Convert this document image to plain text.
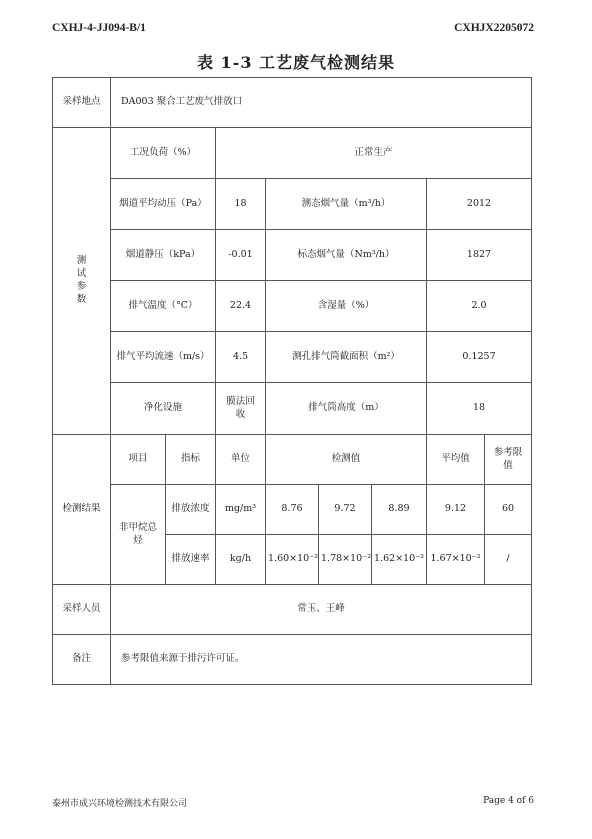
CXHJ-4-JJ094-B/1	CXHJX2205072
表 1-3 工艺废气检测结果
采样地点	DA003 聚合工艺废气排放口							
测
试
参
数	工况负荷（%）		正常生产					
	烟道平均动压（Pa）		18	测态烟气量（m³/h）			2012	
	烟道静压（kPa）		-0.01	标态烟气量（Nm³/h）			1827	
	排气温度（°C）		22.4	含湿量（%）			2.0	
	排气平均流速（m/s）		4.5	测孔排气筒截面积（m²）			0.1257	
	净化设施		膜法回收	排气筒高度（m）			18	
检测结果	项目	指标	单位	检测值			平均值	参考限值
	非甲烷总烃	排放浓度	mg/m³	8.76	9.72	8.89	9.12	60
		排放速率	kg/h	1.60×10⁻²	1.78×10⁻²	1.62×10⁻²	1.67×10⁻²	/
采样人员	常玉、王峰							
备注	参考限值来源于排污许可证。							
泰州市成兴环境检测技术有限公司	Page 4 of 6
